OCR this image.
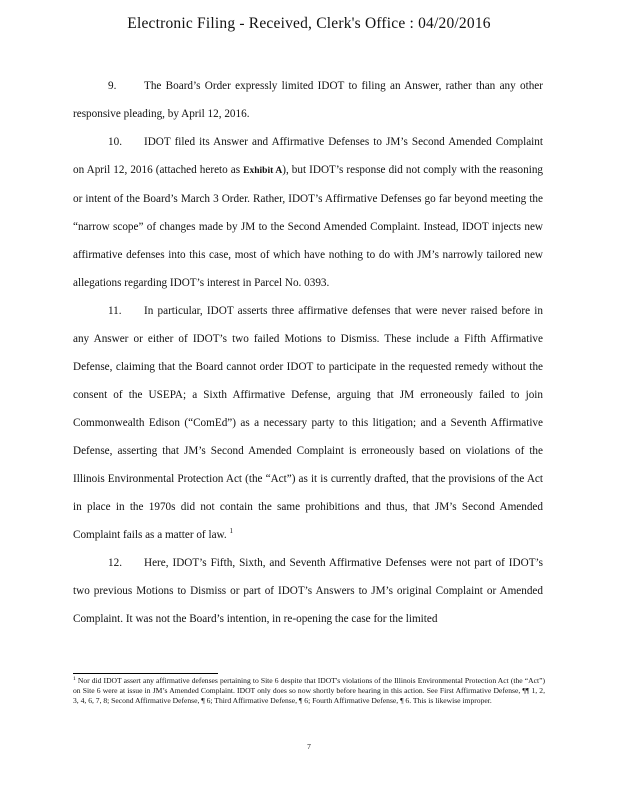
Electronic Filing - Received, Clerk's Office : 04/20/2016

9. The Board’s Order expressly limited IDOT to filing an Answer, rather than any other responsive pleading, by April 12, 2016.

10. IDOT filed its Answer and Affirmative Defenses to JM’s Second Amended Complaint on April 12, 2016 (attached hereto as Exhibit A), but IDOT’s response did not comply with the reasoning or intent of the Board’s March 3 Order. Rather, IDOT’s Affirmative Defenses go far beyond meeting the “narrow scope” of changes made by JM to the Second Amended Complaint. Instead, IDOT injects new affirmative defenses into this case, most of which have nothing to do with JM’s narrowly tailored new allegations regarding IDOT’s interest in Parcel No. 0393.

11. In particular, IDOT asserts three affirmative defenses that were never raised before in any Answer or either of IDOT’s two failed Motions to Dismiss. These include a Fifth Affirmative Defense, claiming that the Board cannot order IDOT to participate in the requested remedy without the consent of the USEPA; a Sixth Affirmative Defense, arguing that JM erroneously failed to join Commonwealth Edison (“ComEd”) as a necessary party to this litigation; and a Seventh Affirmative Defense, asserting that JM’s Second Amended Complaint is erroneously based on violations of the Illinois Environmental Protection Act (the “Act”) as it is currently drafted, that the provisions of the Act in place in the 1970s did not contain the same prohibitions and thus, that JM’s Second Amended Complaint fails as a matter of law. $^1$

12. Here, IDOT’s Fifth, Sixth, and Seventh Affirmative Defenses were not part of IDOT’s two previous Motions to Dismiss or part of IDOT’s Answers to JM’s original Complaint or Amended Complaint. It was not the Board’s intention, in re-opening the case for the limited

$^1$ Nor did IDOT assert any affirmative defenses pertaining to Site 6 despite that IDOT's violations of the Illinois Environmental Protection Act (the “Act”) on Site 6 were at issue in JM’s Amended Complaint. IDOT only does so now shortly before hearing in this action. See First Affirmative Defense, ¶¶ 1, 2, 3, 4, 6, 7, 8; Second Affirmative Defense, ¶ 6; Third Affirmative Defense, ¶ 6; Fourth Affirmative Defense, ¶ 6. This is likewise improper.
7
